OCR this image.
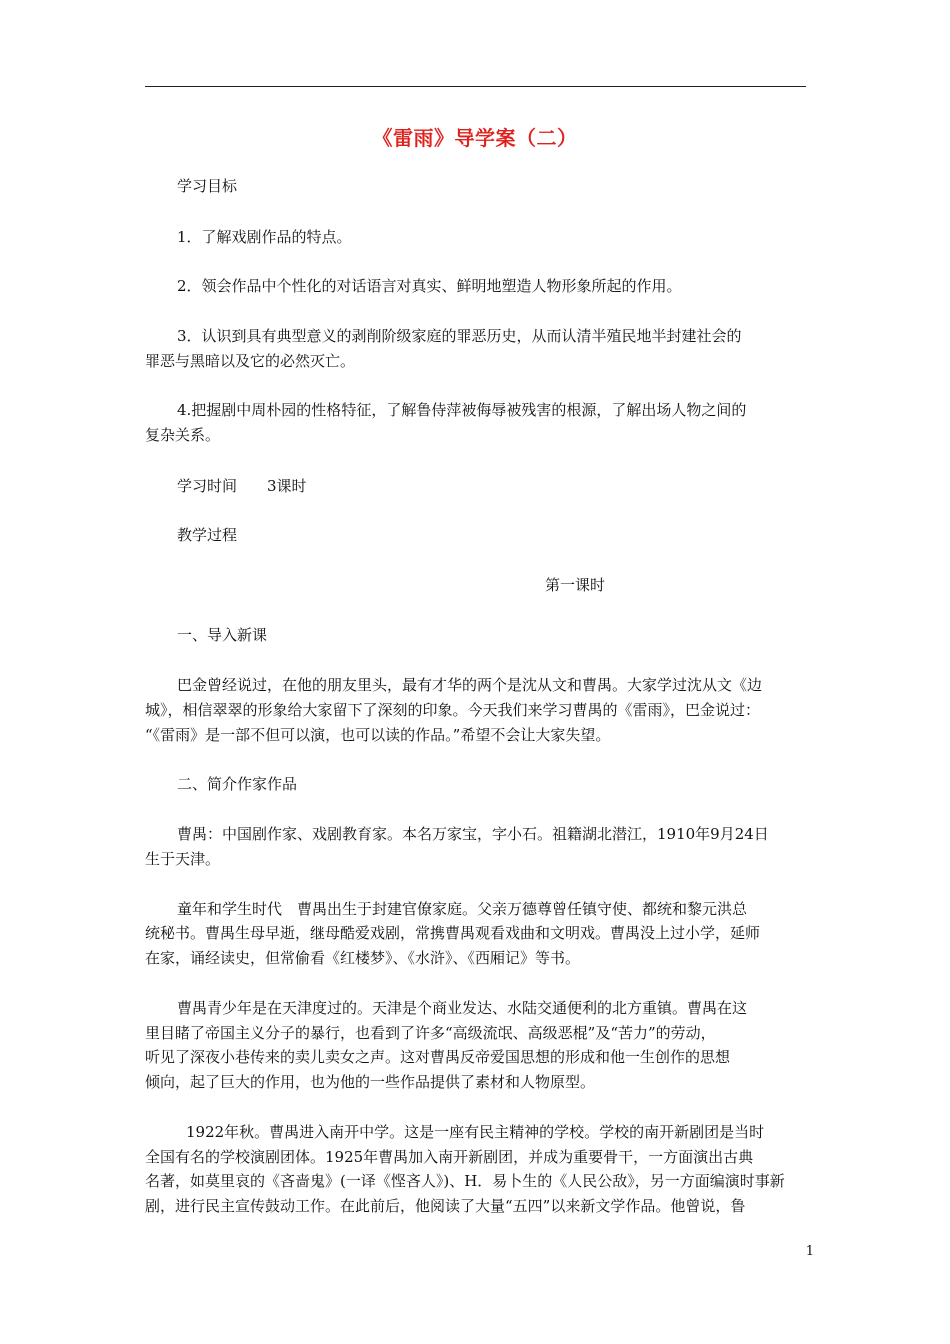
《雷雨》导学案（二）
学习目标
1．了解戏剧作品的特点。
2．领会作品中个性化的对话语言对真实、鲜明地塑造人物形象所起的作用。
3．认识到具有典型意义的剥削阶级家庭的罪恶历史，从而认清半殖民地半封建社会的
罪恶与黑暗以及它的必然灭亡。
4.把握剧中周朴园的性格特征，了解鲁侍萍被侮辱被残害的根源，了解出场人物之间的
复杂关系。
学习时间　　3课时
教学过程
第一课时
一、导入新课
巴金曾经说过，在他的朋友里头，最有才华的两个是沈从文和曹禺。大家学过沈从文《边
城》，相信翠翠的形象给大家留下了深刻的印象。今天我们来学习曹禺的《雷雨》，巴金说过：
“《雷雨》是一部不但可以演，也可以读的作品。”希望不会让大家失望。
二、简介作家作品
曹禺：中国剧作家、戏剧教育家。本名万家宝，字小石。祖籍湖北潜江，1910年9月24日
生于天津。
童年和学生时代　曹禺出生于封建官僚家庭。父亲万德尊曾任镇守使、都统和黎元洪总
统秘书。曹禺生母早逝，继母酷爱戏剧，常携曹禺观看戏曲和文明戏。曹禺没上过小学，延师
在家，诵经读史，但常偷看《红楼梦》、《水浒》、《西厢记》等书。
曹禺青少年是在天津度过的。天津是个商业发达、水陆交通便利的北方重镇。曹禺在这
里目睹了帝国主义分子的暴行，也看到了许多“高级流氓、高级恶棍”及“苦力”的劳动，
听见了深夜小巷传来的卖儿卖女之声。这对曹禺反帝爱国思想的形成和他一生创作的思想
倾向，起了巨大的作用，也为他的一些作品提供了素材和人物原型。
1922年秋。曹禺进入南开中学。这是一座有民主精神的学校。学校的南开新剧团是当时
全国有名的学校演剧团体。1925年曹禺加入南开新剧团，并成为重要骨干，一方面演出古典
名著，如莫里哀的《吝啬鬼》(一译《悭吝人》)、H．易卜生的《人民公敌》，另一方面编演时事新
剧，进行民主宣传鼓动工作。在此前后，他阅读了大量“五四”以来新文学作品。他曾说，鲁
1
